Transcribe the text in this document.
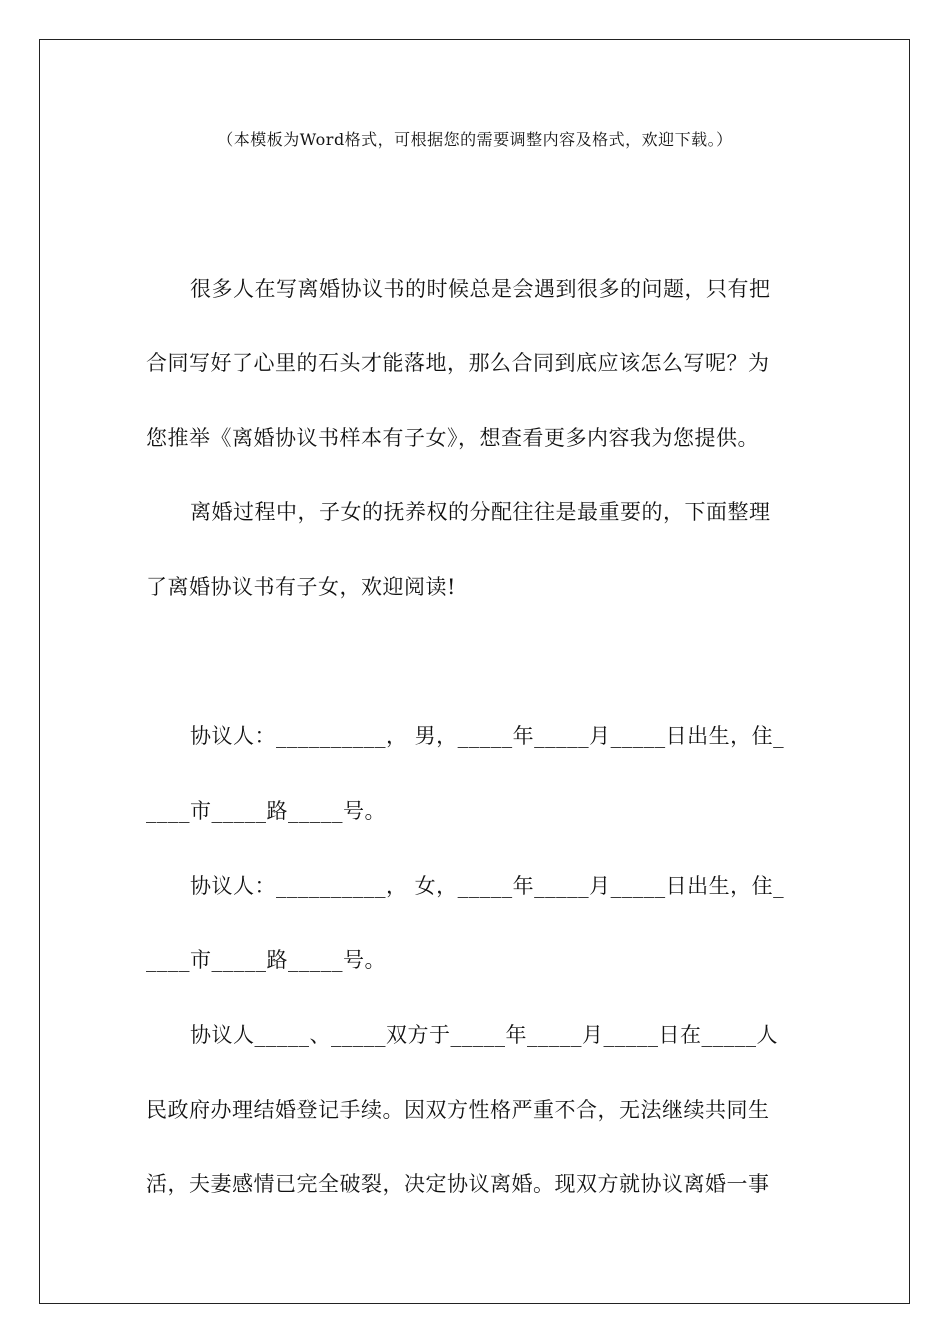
（本模板为Word格式，可根据您的需要调整内容及格式，欢迎下载。）
很多人在写离婚协议书的时候总是会遇到很多的问题，只有把
合同写好了心里的石头才能落地，那么合同到底应该怎么写呢？为
您推举《离婚协议书样本有子女》，想查看更多内容我为您提供。
离婚过程中，子女的抚养权的分配往往是最重要的，下面整理
了离婚协议书有子女，欢迎阅读!
协议人：__________， 男，_____年_____月_____日出生，住_
____市_____路_____号。
协议人：__________， 女，_____年_____月_____日出生，住_
____市_____路_____号。
协议人_____、_____双方于_____年_____月_____日在_____人
民政府办理结婚登记手续。因双方性格严重不合，无法继续共同生
活，夫妻感情已完全破裂，决定协议离婚。现双方就协议离婚一事
